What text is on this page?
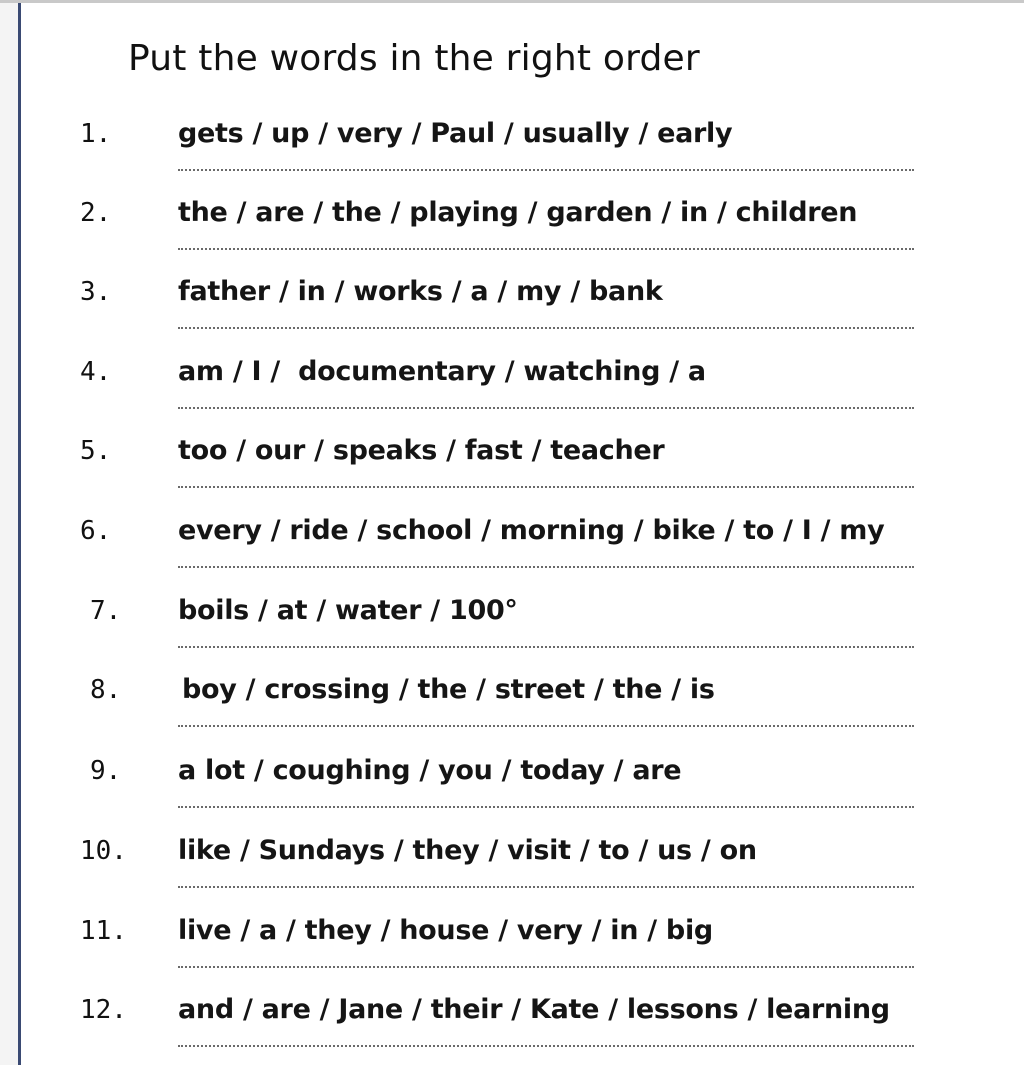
Put the words in the right order
1. gets / up / very / Paul / usually / early
2. the / are / the / playing / garden / in / children
3. father / in / works / a / my / bank
4. am / I /  documentary / watching / a
5. too / our / speaks / fast / teacher
6. every / ride / school / morning / bike / to / I / my
7. boils / at / water / 100°
8. boy / crossing / the / street / the / is
9. a lot / coughing / you / today / are
10. like / Sundays / they / visit / to / us / on
11. live / a / they / house / very / in / big
12. and / are / Jane / their / Kate / lessons / learning
